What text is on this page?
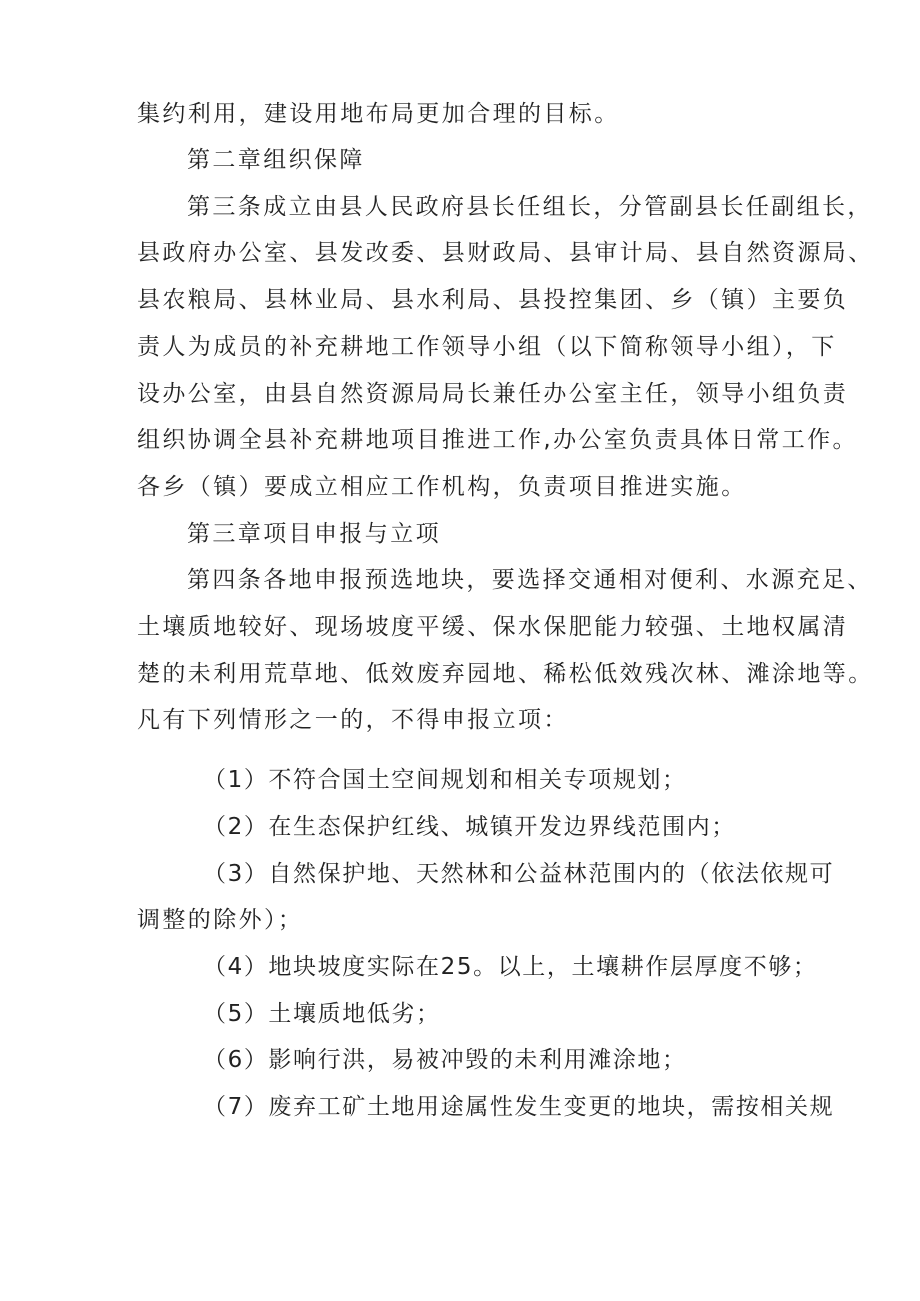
集约利用，建设用地布局更加合理的目标。
第二章组织保障
第三条成立由县人民政府县长任组长，分管副县长任副组长，
县政府办公室、县发改委、县财政局、县审计局、县自然资源局、
县农粮局、县林业局、县水利局、县投控集团、乡（镇）主要负
责人为成员的补充耕地工作领导小组（以下简称领导小组），下
设办公室，由县自然资源局局长兼任办公室主任，领导小组负责
组织协调全县补充耕地项目推进工作,办公室负责具体日常工作。
各乡（镇）要成立相应工作机构，负责项目推进实施。
第三章项目申报与立项
第四条各地申报预选地块，要选择交通相对便利、水源充足、
土壤质地较好、现场坡度平缓、保水保肥能力较强、土地权属清
楚的未利用荒草地、低效废弃园地、稀松低效残次林、滩涂地等。
凡有下列情形之一的，不得申报立项：
（1）不符合国土空间规划和相关专项规划；
（2）在生态保护红线、城镇开发边界线范围内；
（3）自然保护地、天然林和公益林范围内的（依法依规可
调整的除外）；
（4）地块坡度实际在25。以上，土壤耕作层厚度不够；
（5）土壤质地低劣；
（6）影响行洪，易被冲毁的未利用滩涂地；
（7）废弃工矿土地用途属性发生变更的地块，需按相关规
